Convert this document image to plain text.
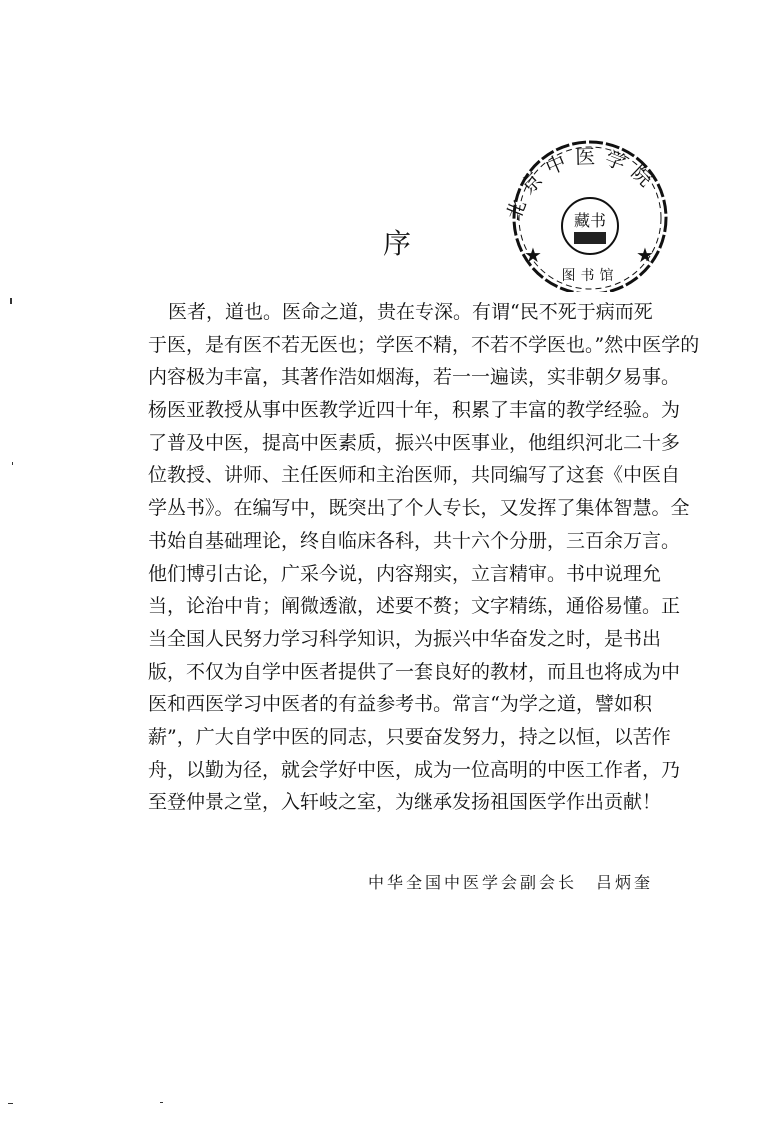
序
医者，道也。医命之道，贵在专深。有谓“民不死于病而死
于医，是有医不若无医也；学医不精，不若不学医也。”然中医学的
内容极为丰富，其著作浩如烟海，若一一遍读，实非朝夕易事。
杨医亚教授从事中医教学近四十年，积累了丰富的教学经验。为
了普及中医，提高中医素质，振兴中医事业，他组织河北二十多
位教授、讲师、主任医师和主治医师，共同编写了这套《中医自
学丛书》。在编写中，既突出了个人专长，又发挥了集体智慧。全
书始自基础理论，终自临床各科，共十六个分册，三百余万言。
他们博引古论，广采今说，内容翔实，立言精审。书中说理允
当，论治中肯；阐微透澈，述要不赘；文字精练，通俗易懂。正
当全国人民努力学习科学知识，为振兴中华奋发之时，是书出
版，不仅为自学中医者提供了一套良好的教材，而且也将成为中
医和西医学习中医者的有益参考书。常言“为学之道，譬如积
薪”，广大自学中医的同志，只要奋发努力，持之以恒，以苦作
舟，以勤为径，就会学好中医，成为一位高明的中医工作者，乃
至登仲景之堂，入轩岐之室，为继承发扬祖国医学作出贡献！
中华全国中医学会副会长　吕炳奎
北京中医学院
藏书
图书馆
★	★
